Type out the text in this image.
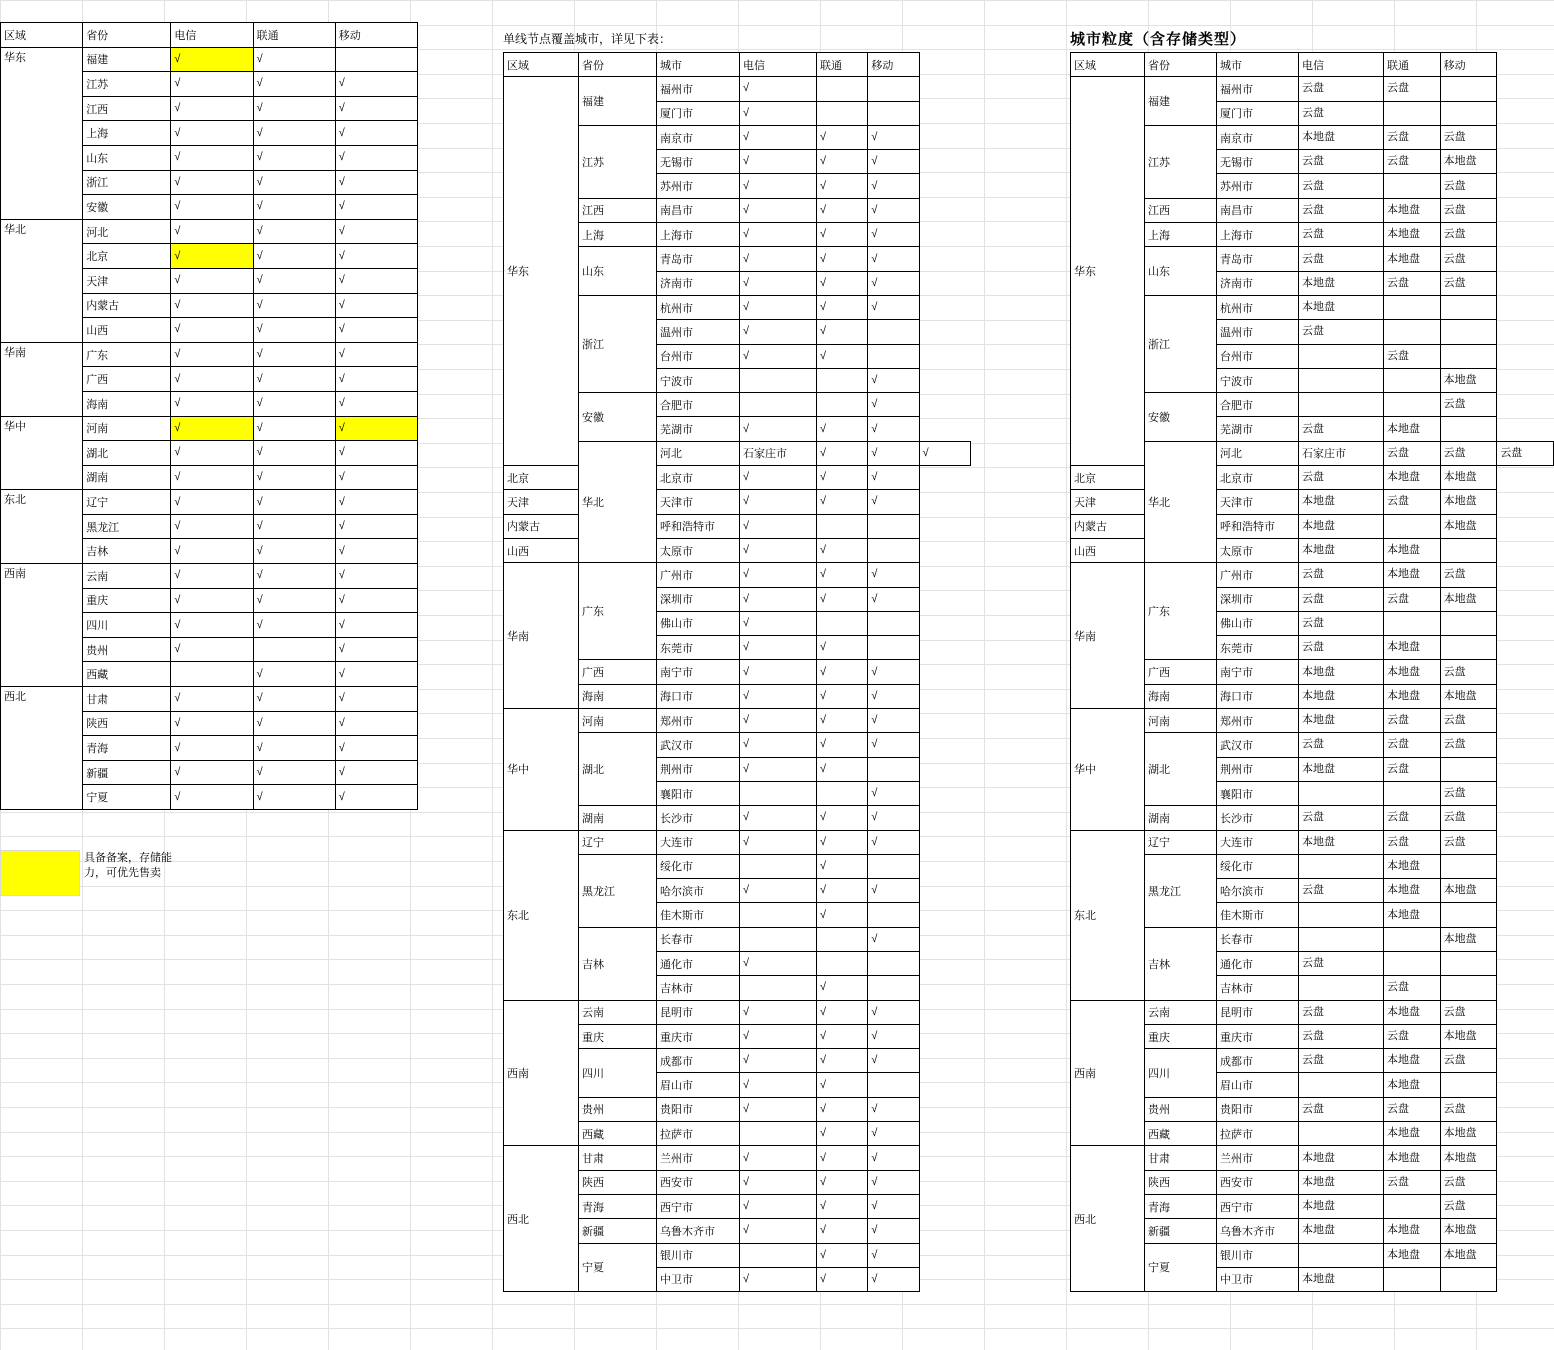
区域	省份	电信	联通	移动
华东	福建	√	√	
	江苏	√	√	√
	江西	√	√	√
	上海	√	√	√
	山东	√	√	√
	浙江	√	√	√
	安徽	√	√	√
华北	河北	√	√	√
	北京	√	√	√
	天津	√	√	√
	内蒙古	√	√	√
	山西	√	√	√
华南	广东	√	√	√
	广西	√	√	√
	海南	√	√	√
华中	河南	√	√	√
	湖北	√	√	√
	湖南	√	√	√
东北	辽宁	√	√	√
	黑龙江	√	√	√
	吉林	√	√	√
西南	云南	√	√	√
	重庆	√	√	√
	四川	√	√	√
	贵州	√		√
	西藏		√	√
西北	甘肃	√	√	√
	陕西	√	√	√
	青海	√	√	√
	新疆	√	√	√
	宁夏	√	√	√
具备备案，存储能力，可优先售卖
单线节点覆盖城市，详见下表：
区域	省份	城市	电信	联通	移动	
华东	福建	福州市	√			
		厦门市	√			
	江苏	南京市	√	√	√	
		无锡市	√	√	√	
		苏州市	√	√	√	
	江西	南昌市	√	√	√	
	上海	上海市	√	√	√	
	山东	青岛市	√	√	√	
		济南市	√	√	√	
	浙江	杭州市	√	√	√	
		温州市	√	√		
		台州市	√	√		
		宁波市			√	
	安徽	合肥市			√	
		芜湖市	√	√	√	
	华北	河北	石家庄市	√	√	√
北京		北京市	√	√	√	
天津		天津市	√	√	√	
内蒙古		呼和浩特市	√			
山西		太原市	√	√		
华南	广东	广州市	√	√	√	
		深圳市	√	√	√	
		佛山市	√			
		东莞市	√	√		
	广西	南宁市	√	√	√	
	海南	海口市	√	√	√	
华中	河南	郑州市	√	√	√	
	湖北	武汉市	√	√	√	
		荆州市	√	√		
		襄阳市			√	
	湖南	长沙市	√	√	√	
东北	辽宁	大连市	√	√	√	
	黑龙江	绥化市		√		
		哈尔滨市	√	√	√	
		佳木斯市		√		
	吉林	长春市			√	
		通化市	√			
		吉林市		√		
西南	云南	昆明市	√	√	√	
	重庆	重庆市	√	√	√	
	四川	成都市	√	√	√	
		眉山市	√	√		
	贵州	贵阳市	√	√	√	
	西藏	拉萨市		√	√	
西北	甘肃	兰州市	√	√	√	
	陕西	西安市	√	√	√	
	青海	西宁市	√	√	√	
	新疆	乌鲁木齐市	√	√	√	
	宁夏	银川市		√	√	
		中卫市	√	√	√	
城市粒度（含存储类型）
区域	省份	城市	电信	联通	移动	
华东	福建	福州市	云盘	云盘		
		厦门市	云盘			
	江苏	南京市	本地盘	云盘	云盘	
		无锡市	云盘	云盘	本地盘	
		苏州市	云盘		云盘	
	江西	南昌市	云盘	本地盘	云盘	
	上海	上海市	云盘	本地盘	云盘	
	山东	青岛市	云盘	本地盘	云盘	
		济南市	本地盘	云盘	云盘	
	浙江	杭州市	本地盘			
		温州市	云盘			
		台州市		云盘		
		宁波市			本地盘	
	安徽	合肥市			云盘	
		芜湖市	云盘	本地盘		
	华北	河北	石家庄市	云盘	云盘	云盘
北京		北京市	云盘	本地盘	本地盘	
天津		天津市	本地盘	云盘	本地盘	
内蒙古		呼和浩特市	本地盘		本地盘	
山西		太原市	本地盘	本地盘		
华南	广东	广州市	云盘	本地盘	云盘	
		深圳市	云盘	云盘	本地盘	
		佛山市	云盘			
		东莞市	云盘	本地盘		
	广西	南宁市	本地盘	本地盘	云盘	
	海南	海口市	本地盘	本地盘	本地盘	
华中	河南	郑州市	本地盘	云盘	云盘	
	湖北	武汉市	云盘	云盘	云盘	
		荆州市	本地盘	云盘		
		襄阳市			云盘	
	湖南	长沙市	云盘	云盘	云盘	
东北	辽宁	大连市	本地盘	云盘	云盘	
	黑龙江	绥化市		本地盘		
		哈尔滨市	云盘	本地盘	本地盘	
		佳木斯市		本地盘		
	吉林	长春市			本地盘	
		通化市	云盘			
		吉林市		云盘		
西南	云南	昆明市	云盘	本地盘	云盘	
	重庆	重庆市	云盘	云盘	本地盘	
	四川	成都市	云盘	本地盘	云盘	
		眉山市		本地盘		
	贵州	贵阳市	云盘	云盘	云盘	
	西藏	拉萨市		本地盘	本地盘	
西北	甘肃	兰州市	本地盘	本地盘	本地盘	
	陕西	西安市	本地盘	云盘	云盘	
	青海	西宁市	本地盘		云盘	
	新疆	乌鲁木齐市	本地盘	本地盘	本地盘	
	宁夏	银川市		本地盘	本地盘	
		中卫市	本地盘			
